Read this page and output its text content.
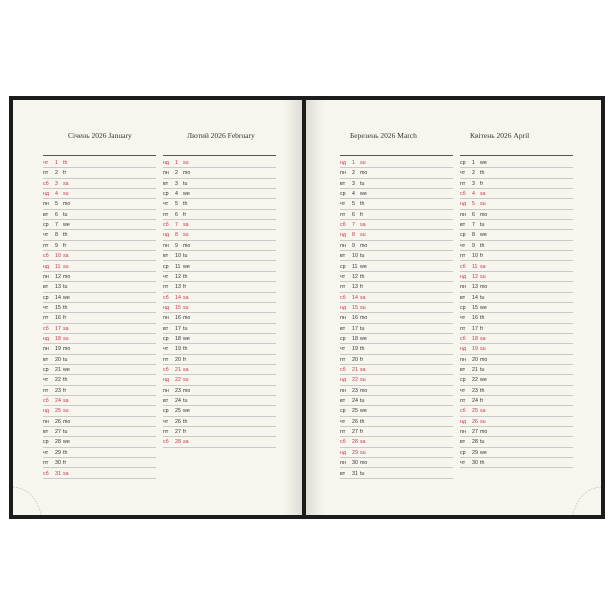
Січень 2026 January	Лютий 2026 February
чт 1 th
пт 2 fr
сб 3 sa
нд 4 su
пн 5 mo
вт 6 tu
ср 7 we
чт 8 th
пт 9 fr
сб 10 sa
нд 11 su
пн 12 mo
вт 13 tu
ср 14 we
чт 15 th
пт 16 fr
сб 17 sa
нд 18 su
пн 19 mo
вт 20 tu
ср 21 we
чт 22 th
пт 23 fr
сб 24 sa
нд 25 su
пн 26 mo
вт 27 tu
ср 28 we
чт 29 th
пт 30 fr
сб 31 sa
нд 1 su
пн 2 mo
вт 3 tu
ср 4 we
чт 5 th
пт 6 fr
сб 7 sa
нд 8 su
пн 9 mo
вт 10 tu
ср 11 we
чт 12 th
пт 13 fr
сб 14 sa
нд 15 su
пн 16 mo
вт 17 tu
ср 18 we
чт 19 th
пт 20 fr
сб 21 sa
нд 22 su
пн 23 mo
вт 24 tu
ср 25 we
чт 26 th
пт 27 fr
сб 28 sa
Березень 2026 March	Квітень 2026 April
нд 1 su
пн 2 mo
вт 3 tu
ср 4 we
чт 5 th
пт 6 fr
сб 7 sa
нд 8 su
пн 9 mo
вт 10 tu
ср 11 we
чт 12 th
пт 13 fr
сб 14 sa
нд 15 su
пн 16 mo
вт 17 tu
ср 18 we
чт 19 th
пт 20 fr
сб 21 sa
нд 22 su
пн 23 mo
вт 24 tu
ср 25 we
чт 26 th
пт 27 fr
сб 28 sa
нд 29 su
пн 30 mo
вт 31 tu
ср 1 we
чт 2 th
пт 3 fr
сб 4 sa
нд 5 su
пн 6 mo
вт 7 tu
ср 8 we
чт 9 th
пт 10 fr
сб 11 sa
нд 12 su
пн 13 mo
вт 14 tu
ср 15 we
чт 16 th
пт 17 fr
сб 18 sa
нд 19 su
пн 20 mo
вт 21 tu
ср 22 we
чт 23 th
пт 24 fr
сб 25 sa
нд 26 su
пн 27 mo
вт 28 tu
ср 29 we
чт 30 th
